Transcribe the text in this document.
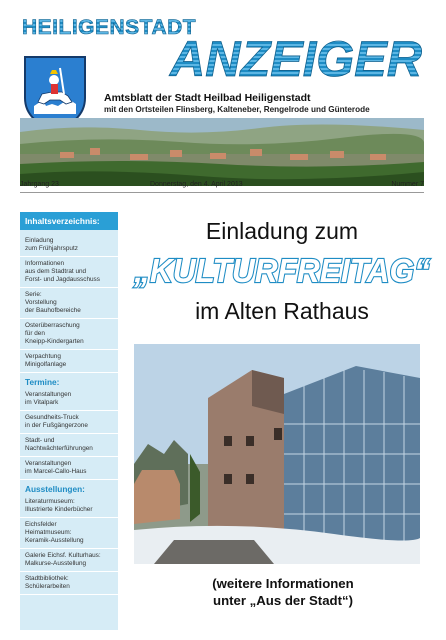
HEILIGENSTADT
ANZEIGER
Amtsblatt der Stadt Heilbad Heiligenstadt
mit den Ortsteilen Flinsberg, Kalteneber, Rengelrode und Günterode
Jahrgang 23	Donnerstag, den 4. April 2013	Nummer 7
Inhaltsverzeichnis:
Einladung
zum Frühjahrsputz
Informationen
aus dem Stadtrat und
Forst- und Jagdausschuss
Serie:
Vorstellung
der Bauhofbereiche
Osterüberraschung
für den
Kneipp-Kindergarten
Verpachtung
Minigolfanlage
Termine:
Veranstaltungen
im Vitalpark
Gesundheits-Truck
in der Fußgängerzone
Stadt- und
Nachtwächterführungen
Veranstaltungen
im Marcel-Callo-Haus
Ausstellungen:
Literaturmuseum:
Illustrierte Kinderbücher
Eichsfelder
Heimatmuseum:
Keramik-Ausstellung
Galerie Eichsf. Kulturhaus:
Malkurse-Ausstellung
Stadtbibliothek:
Schülerarbeiten
Einladung zum
„KULTURFREITAG“
im Alten Rathaus
(weitere Informationen
unter „Aus der Stadt“)
